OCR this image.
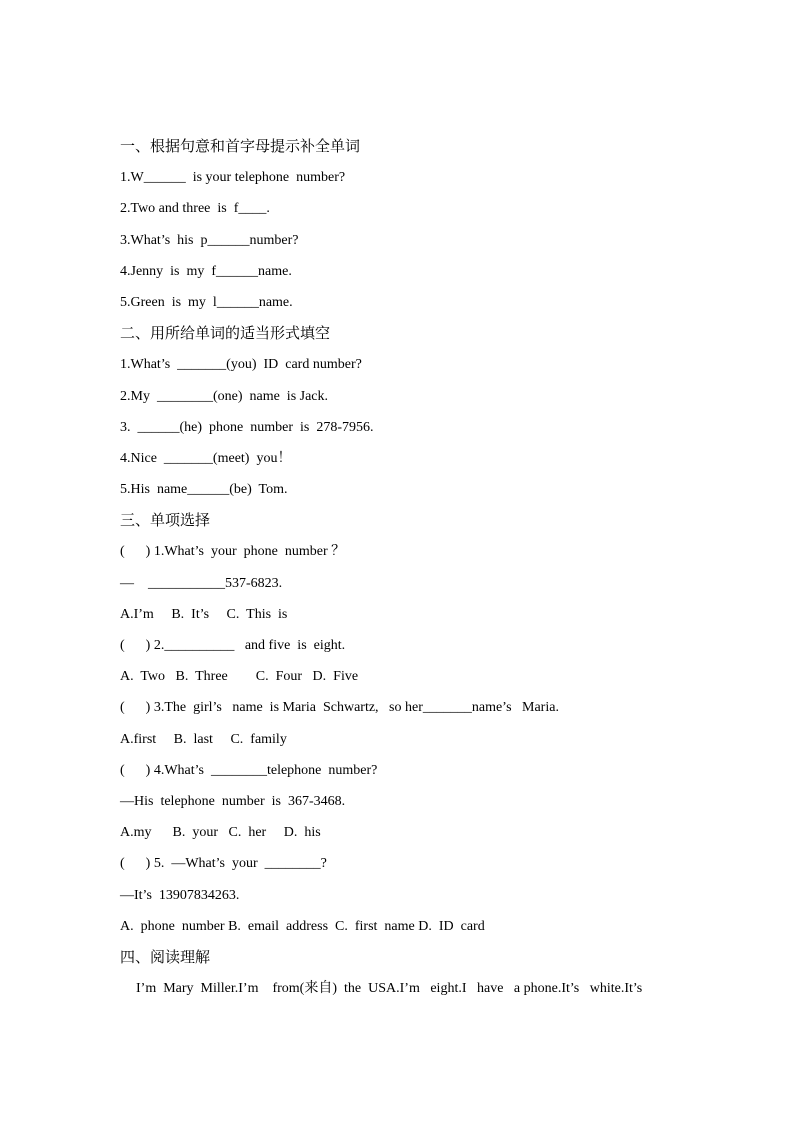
一、根据句意和首字母提示补全单词
1.W______  is your telephone  number?
2.Two and three  is  f____.
3.What’s  his  p______number?
4.Jenny  is  my  f______name.
5.Green  is  my  l______name.
二、用所给单词的适当形式填空
1.What’s  _______(you)  ID  card number?
2.My  ________(one)  name  is Jack.
3.  ______(he)  phone  number  is  278-7956.
4.Nice  _______(meet)  you！
5.His  name______(be)  Tom.
三、单项选择
(      ) 1.What’s  your  phone  number ？
—    ___________537-6823.
A.I’m     B.  It’s     C.  This  is
(      ) 2.__________   and five  is  eight.
A.  Two   B.  Three        C.  Four   D.  Five
(      ) 3.The  girl’s   name  is Maria  Schwartz,   so her_______name’s   Maria.
A.first     B.  last     C.  family
(      ) 4.What’s  ________telephone  number?
—His  telephone  number  is  367-3468.
A.my      B.  your   C.  her     D.  his
(      ) 5.  —What’s  your  ________?
—It’s  13907834263.
A.  phone  number B.  email  address  C.  first  name D.  ID  card
四、阅读理解
I’m  Mary  Miller.I’m    from(来自)  the  USA.I’m   eight.I   have   a phone.It’s   white.It’s
